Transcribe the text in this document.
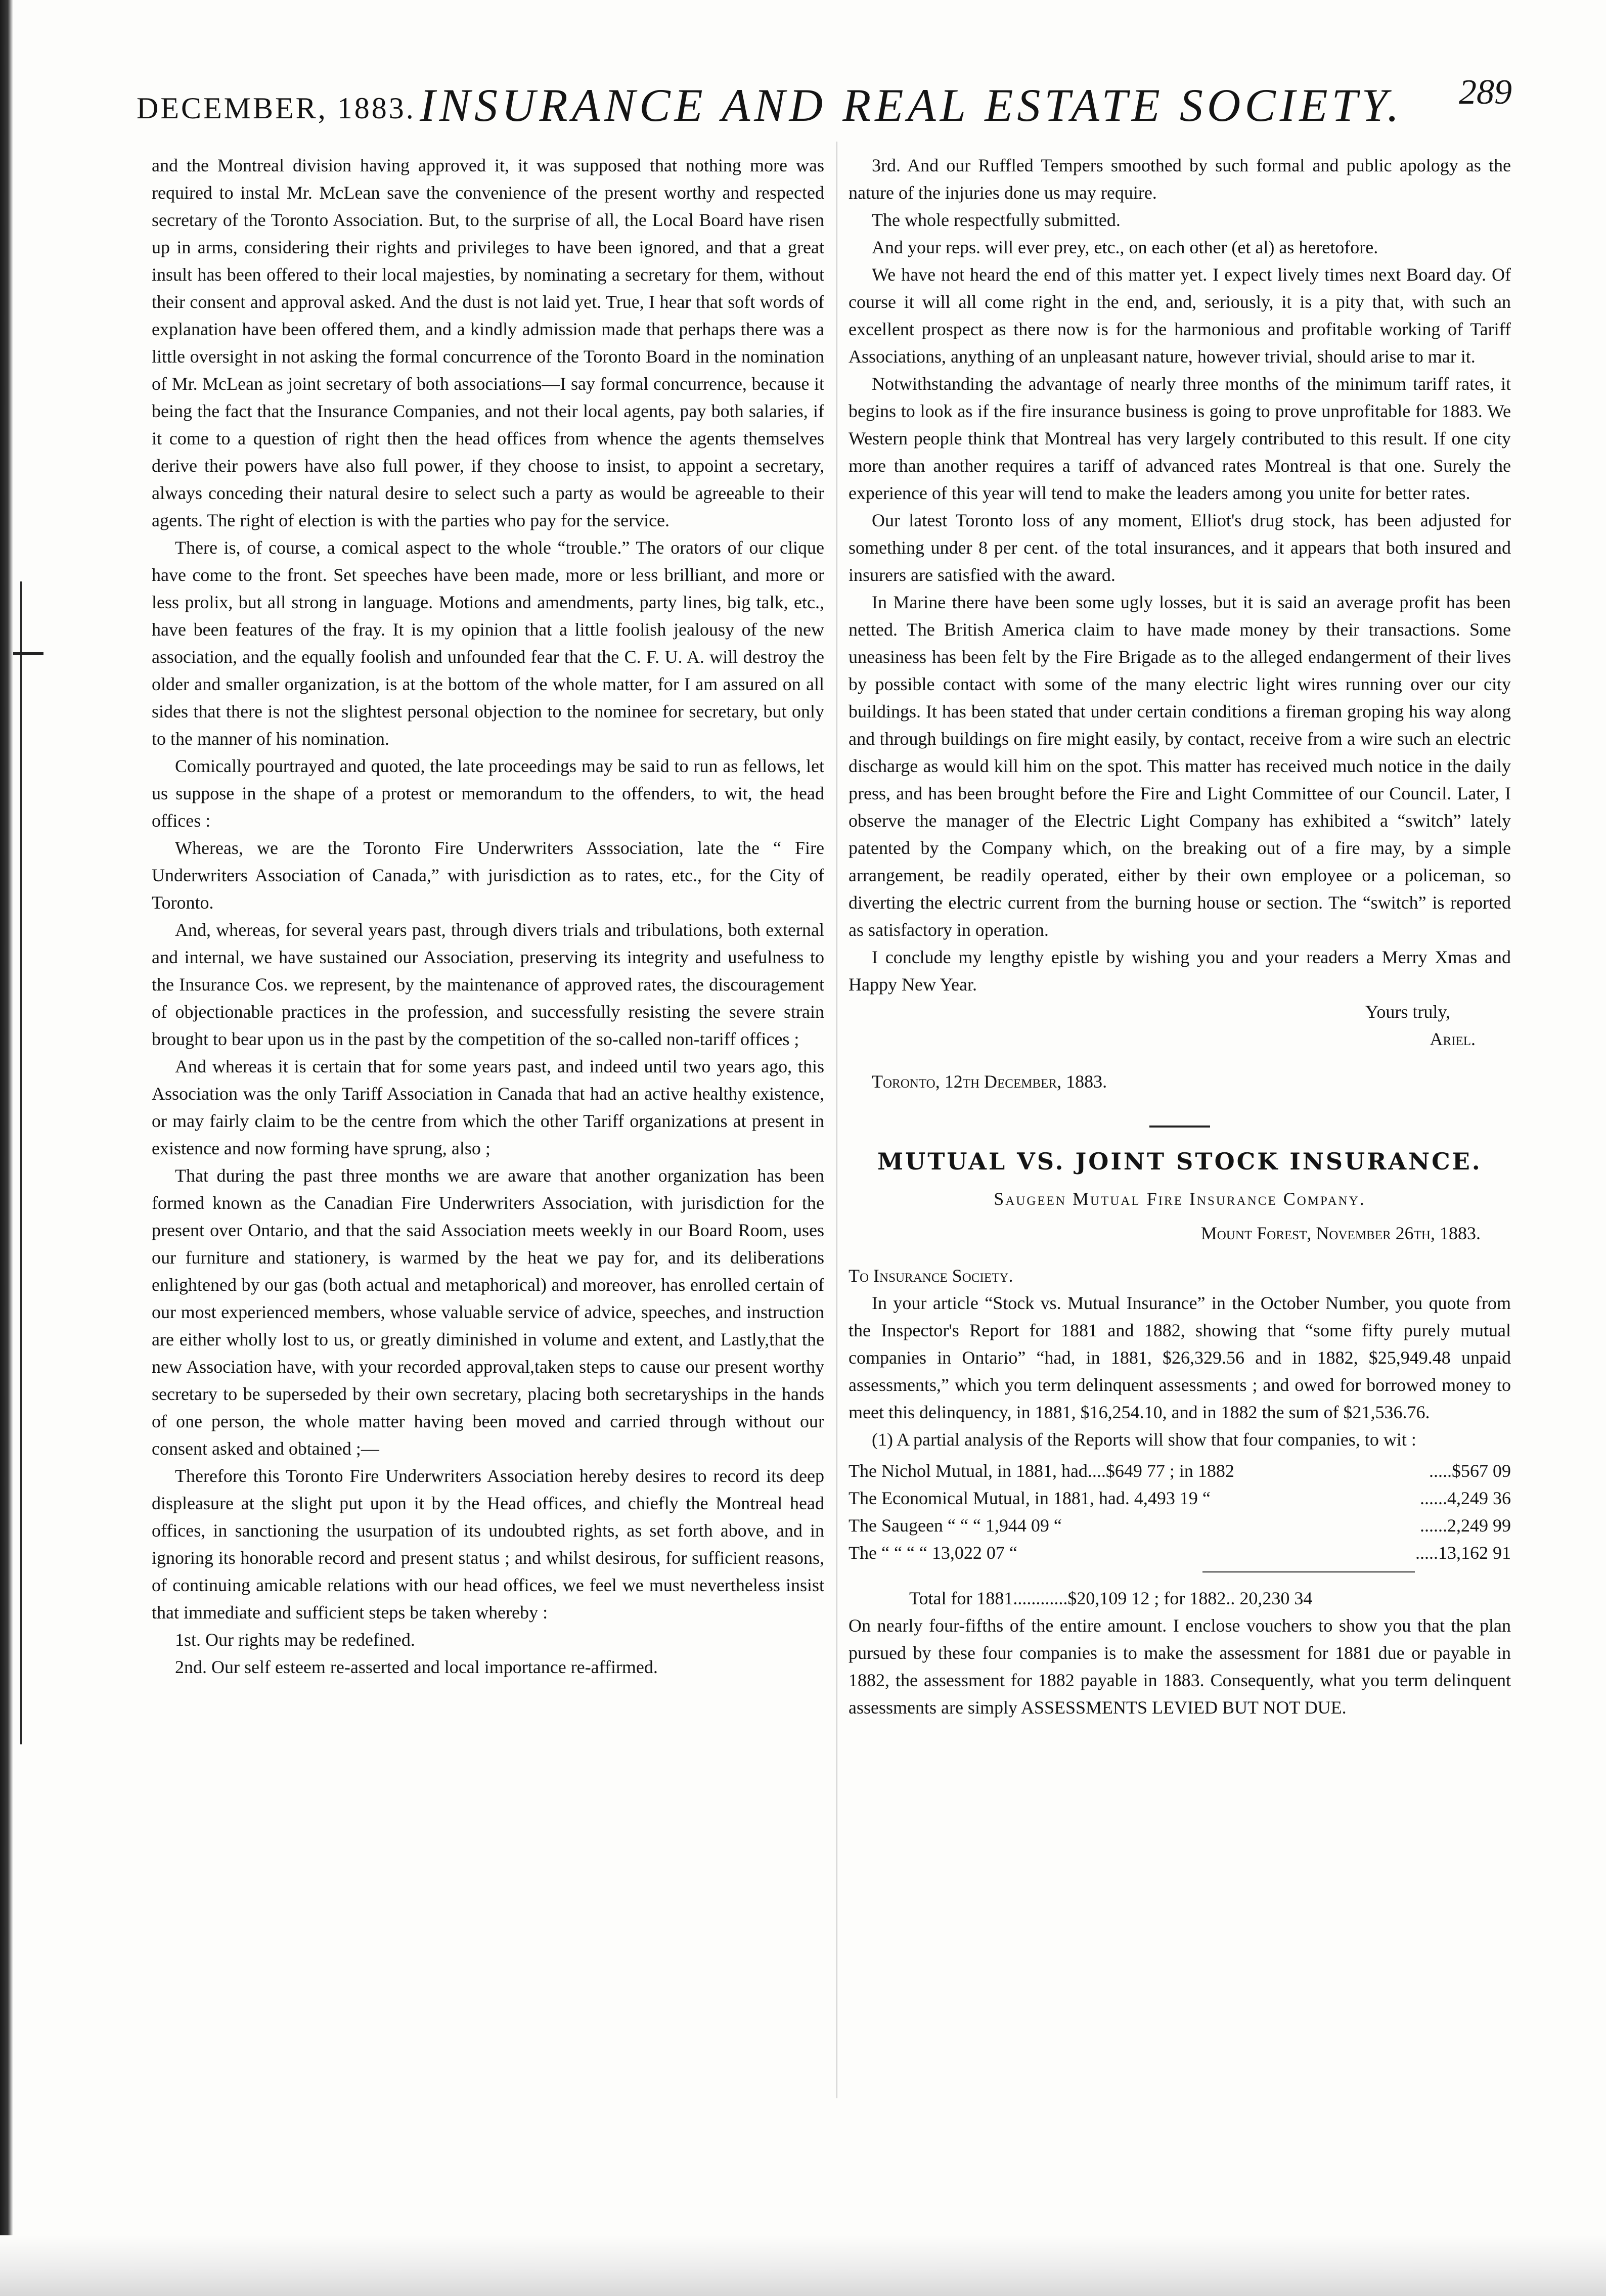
DECEMBER, 1883. INSURANCE AND REAL ESTATE SOCIETY. 289

and the Montreal division having approved it, it was supposed that nothing more was required to instal Mr. McLean save the convenience of the present worthy and respected secretary of the Toronto Association. But, to the surprise of all, the Local Board have risen up in arms, considering their rights and privileges to have been ignored, and that a great insult has been offered to their local majesties, by nominating a secretary for them, without their consent and approval asked. And the dust is not laid yet. True, I hear that soft words of explanation have been offered them, and a kindly admission made that perhaps there was a little oversight in not asking the formal concurrence of the Toronto Board in the nomination of Mr. McLean as joint secretary of both associations—I say formal concurrence, because it being the fact that the Insurance Companies, and not their local agents, pay both salaries, if it come to a question of right then the head offices from whence the agents themselves derive their powers have also full power, if they choose to insist, to appoint a secretary, always conceding their natural desire to select such a party as would be agreeable to their agents. The right of election is with the parties who pay for the service.

There is, of course, a comical aspect to the whole “trouble.” The orators of our clique have come to the front. Set speeches have been made, more or less brilliant, and more or less prolix, but all strong in language. Motions and amendments, party lines, big talk, etc., have been features of the fray. It is my opinion that a little foolish jealousy of the new association, and the equally foolish and unfounded fear that the C. F. U. A. will destroy the older and smaller organization, is at the bottom of the whole matter, for I am assured on all sides that there is not the slightest personal objection to the nominee for secretary, but only to the manner of his nomination.

Comically pourtrayed and quoted, the late proceedings may be said to run as fellows, let us suppose in the shape of a protest or memorandum to the offenders, to wit, the head offices :

Whereas, we are the Toronto Fire Underwriters Asssociation, late the “ Fire Underwriters Association of Canada,” with jurisdiction as to rates, etc., for the City of Toronto.

And, whereas, for several years past, through divers trials and tribulations, both external and internal, we have sustained our Association, preserving its integrity and usefulness to the Insurance Cos. we represent, by the maintenance of approved rates, the discouragement of objectionable practices in the profession, and successfully resisting the severe strain brought to bear upon us in the past by the competition of the so-called non-tariff offices ;

And whereas it is certain that for some years past, and indeed until two years ago, this Association was the only Tariff Association in Canada that had an active healthy existence, or may fairly claim to be the centre from which the other Tariff organizations at present in existence and now forming have sprung, also ;

That during the past three months we are aware that another organization has been formed known as the Canadian Fire Underwriters Association, with jurisdiction for the present over Ontario, and that the said Association meets weekly in our Board Room, uses our furniture and stationery, is warmed by the heat we pay for, and its deliberations enlightened by our gas (both actual and metaphorical) and moreover, has enrolled certain of our most experienced members, whose valuable service of advice, speeches, and instruction are either wholly lost to us, or greatly diminished in volume and extent, and Lastly,that the new Association have, with your recorded approval,taken steps to cause our present worthy secretary to be superseded by their own secretary, placing both secretaryships in the hands of one person, the whole matter having been moved and carried through without our consent asked and obtained ;—

Therefore this Toronto Fire Underwriters Association hereby desires to record its deep displeasure at the slight put upon it by the Head offices, and chiefly the Montreal head offices, in sanctioning the usurpation of its undoubted rights, as set forth above, and in ignoring its honorable record and present status ; and whilst desirous, for sufficient reasons, of continuing amicable relations with our head offices, we feel we must nevertheless insist that immediate and sufficient steps be taken whereby :

1st. Our rights may be redefined.

2nd. Our self esteem re-asserted and local importance re-affirmed.

3rd. And our Ruffled Tempers smoothed by such formal and public apology as the nature of the injuries done us may require.

The whole respectfully submitted.

And your reps. will ever prey, etc., on each other (et al) as heretofore.

We have not heard the end of this matter yet. I expect lively times next Board day. Of course it will all come right in the end, and, seriously, it is a pity that, with such an excellent prospect as there now is for the harmonious and profitable working of Tariff Associations, anything of an unpleasant nature, however trivial, should arise to mar it.

Notwithstanding the advantage of nearly three months of the minimum tariff rates, it begins to look as if the fire insurance business is going to prove unprofitable for 1883. We Western people think that Montreal has very largely contributed to this result. If one city more than another requires a tariff of advanced rates Montreal is that one. Surely the experience of this year will tend to make the leaders among you unite for better rates.

Our latest Toronto loss of any moment, Elliot's drug stock, has been adjusted for something under 8 per cent. of the total insurances, and it appears that both insured and insurers are satisfied with the award.

In Marine there have been some ugly losses, but it is said an average profit has been netted. The British America claim to have made money by their transactions. Some uneasiness has been felt by the Fire Brigade as to the alleged endangerment of their lives by possible contact with some of the many electric light wires running over our city buildings. It has been stated that under certain conditions a fireman groping his way along and through buildings on fire might easily, by contact, receive from a wire such an electric discharge as would kill him on the spot. This matter has received much notice in the daily press, and has been brought before the Fire and Light Committee of our Council. Later, I observe the manager of the Electric Light Company has exhibited a “switch” lately patented by the Company which, on the breaking out of a fire may, by a simple arrangement, be readily operated, either by their own employee or a policeman, so diverting the electric current from the burning house or section. The “switch” is reported as satisfactory in operation.

I conclude my lengthy epistle by wishing you and your readers a Merry Xmas and Happy New Year.

Yours truly,

Ariel.

Toronto, 12th December, 1883.

MUTUAL VS. JOINT STOCK INSURANCE.

Saugeen Mutual Fire Insurance Company.

Mount Forest, November 26th, 1883.

To Insurance Society.

In your article “Stock vs. Mutual Insurance” in the October Number, you quote from the Inspector's Report for 1881 and 1882, showing that “some fifty purely mutual companies in Ontario” “had, in 1881, $26,329.56 and in 1882, $25,949.48 unpaid assessments,” which you term delinquent assessments ; and owed for borrowed money to meet this delinquency, in 1881, $16,254.10, and in 1882 the sum of $21,536.76.

(1) A partial analysis of the Reports will show that four companies, to wit :

The Nichol Mutual, in 1881, had....$649 77 ; in 1882	.....$567 09
The Economical Mutual, in 1881, had. 4,493 19 “	......4,249 36
The Saugeen “ “ “ 1,944 09 “	......2,249 99
The “ “ “ “ 13,022 07 “	.....13,162 91

Total for 1881............$20,109 12 ; for 1882.. 20,230 34

On nearly four-fifths of the entire amount. I enclose vouchers to show you that the plan pursued by these four companies is to make the assessment for 1881 due or payable in 1882, the assessment for 1882 payable in 1883. Consequently, what you term delinquent assessments are simply ASSESSMENTS LEVIED BUT NOT DUE.
